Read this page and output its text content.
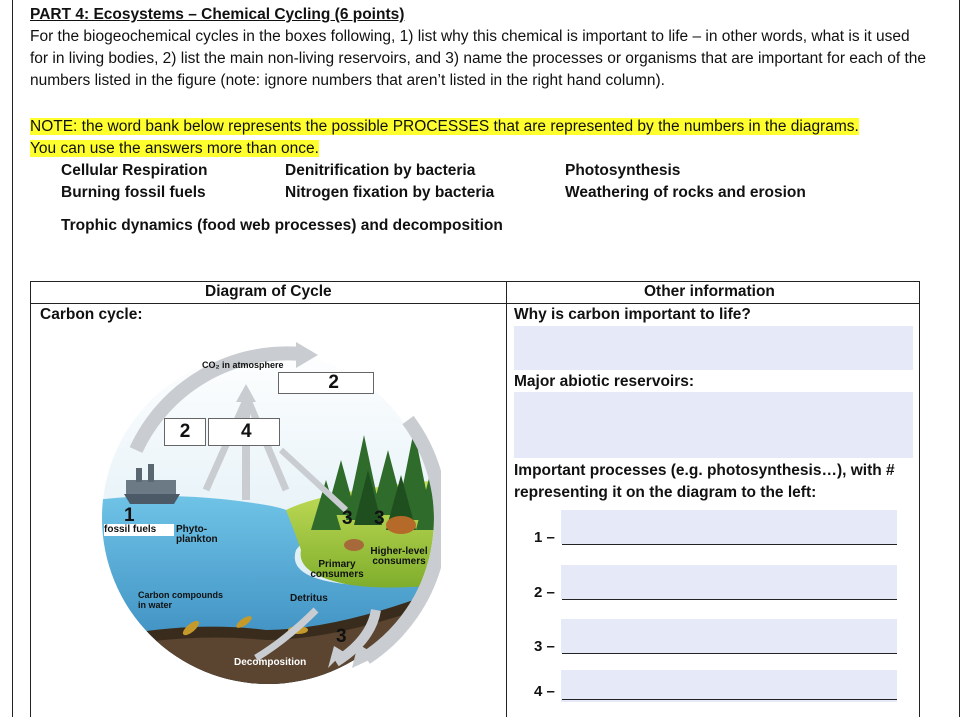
PART 4: Ecosystems – Chemical Cycling (6 points)
For the biogeochemical cycles in the boxes following, 1) list why this chemical is important to life – in other words, what is it used for in living bodies, 2) list the main non-living reservoirs, and 3) name the processes or organisms that are important for each of the numbers listed in the figure (note: ignore numbers that aren’t listed in the right hand column).
NOTE: the word bank below represents the possible PROCESSES that are represented by the numbers in the diagrams.
You can use the answers more than once.
Cellular Respiration
Burning fossil fuels
Denitrification by bacteria
Nitrogen fixation by bacteria
Photosynthesis
Weathering of rocks and erosion
Trophic dynamics (food web processes) and decomposition
Diagram of Cycle	Other information
Carbon cycle:	Why is carbon important to life?
Major abiotic reservoirs:
Important processes (e.g. photosynthesis…), with # representing it on the diagram to the left:
1 –
2 –
3 –
4 –
2
2	4
CO₂ in atmosphere
fossil fuels
1
Phyto-
plankton
3 3
Primary
consumers
Higher-level
consumers
Carbon compounds
in water
Detritus
3
Decomposition
